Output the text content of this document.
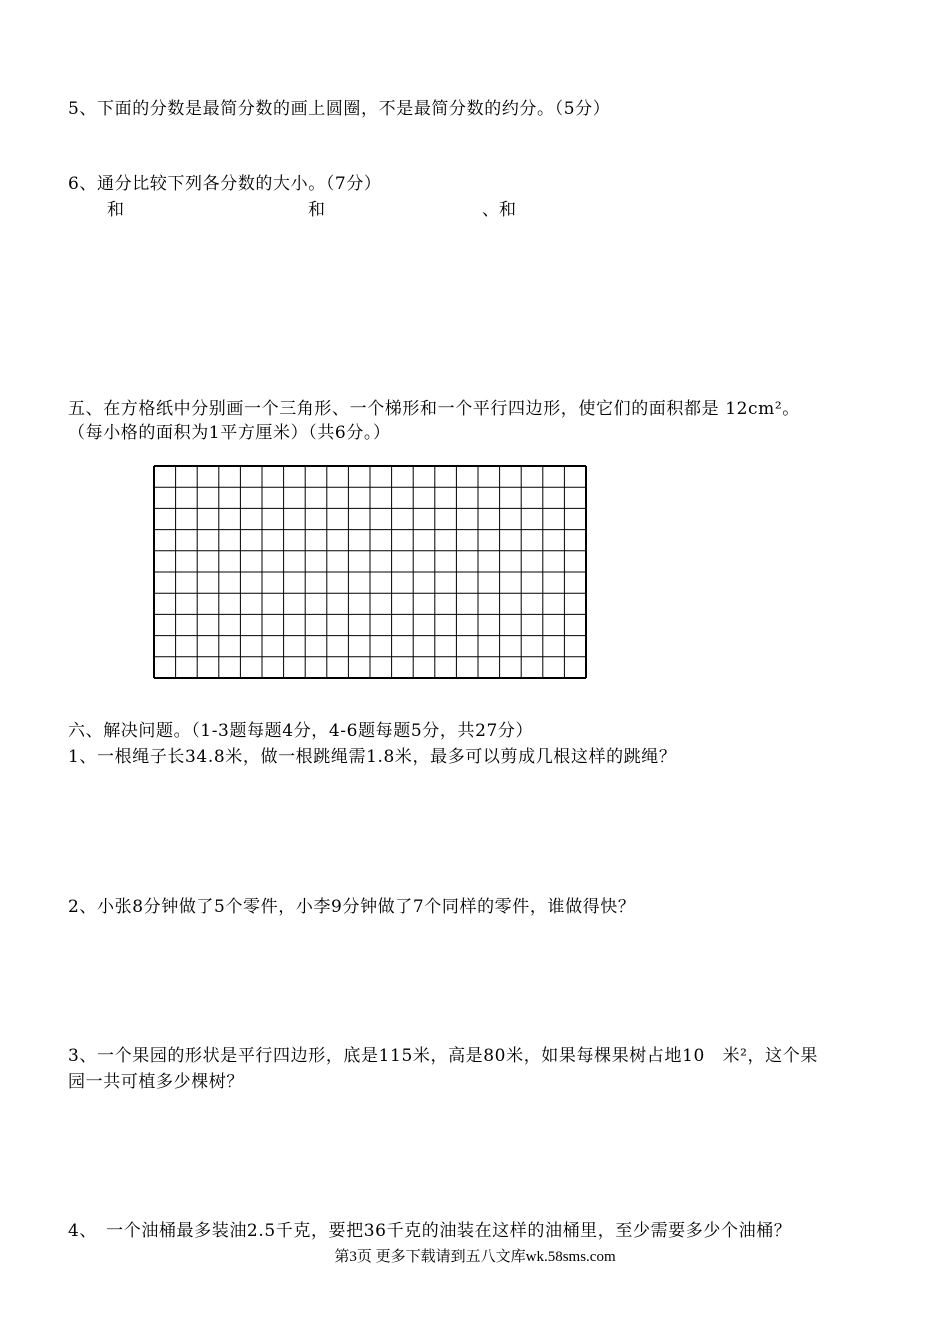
5、下面的分数是最简分数的画上圆圈，不是最简分数的约分。（5分）
6、通分比较下列各分数的大小。（7分）
和	和	、和
五、在方格纸中分别画一个三角形、一个梯形和一个平行四边形，使它们的面积都是 12cm²。
（每小格的面积为1平方厘米）（共6分。）
六、解决问题。（1-3题每题4分，4-6题每题5分，共27分）
1、一根绳子长34.8米，做一根跳绳需1.8米，最多可以剪成几根这样的跳绳？
2、小张8分钟做了5个零件，小李9分钟做了7个同样的零件，谁做得快？
3、一个果园的形状是平行四边形，底是115米，高是80米，如果每棵果树占地10　米²，这个果
园一共可植多少棵树？
4、　一个油桶最多装油2.5千克，要把36千克的油装在这样的油桶里，至少需要多少个油桶？
第3页 更多下载请到五八文库wk.58sms.com
